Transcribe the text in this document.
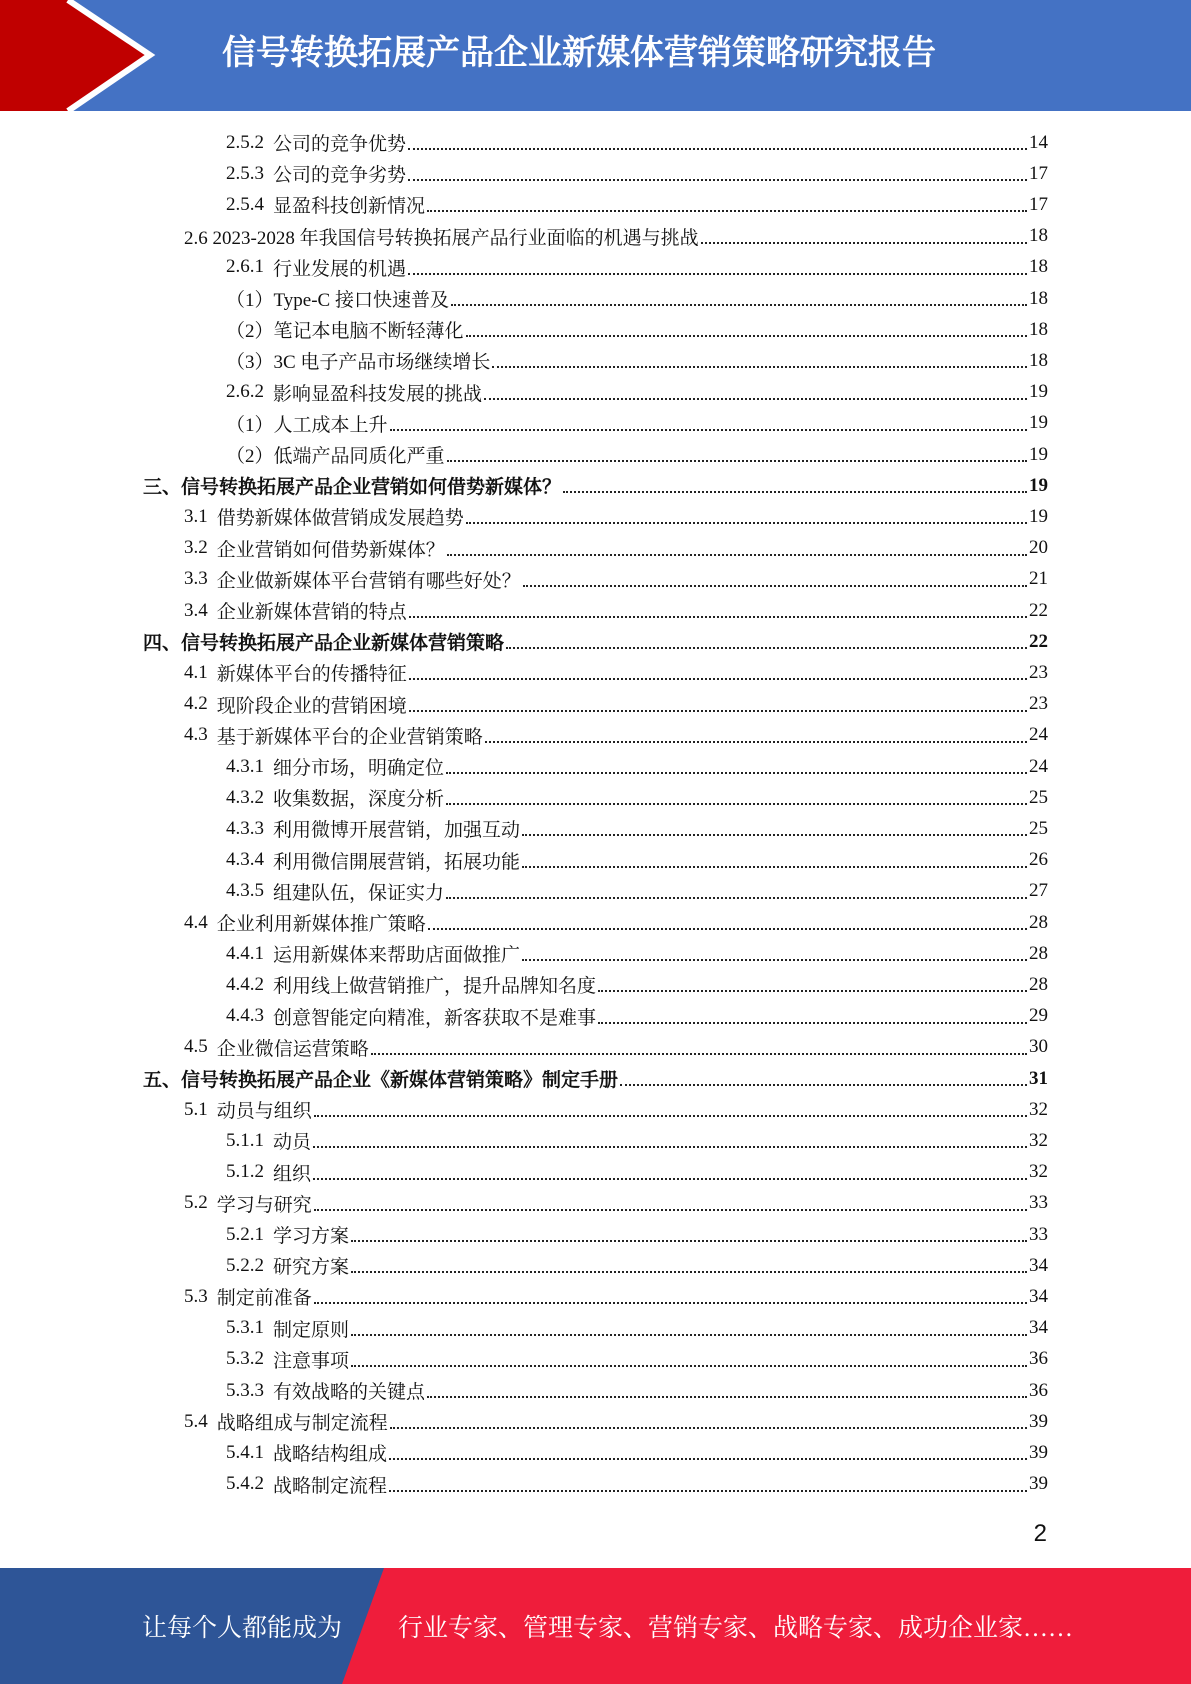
信号转换拓展产品企业新媒体营销策略研究报告
2.5.2 公司的竞争优势	14
2.5.3 公司的竞争劣势	17
2.5.4 显盈科技创新情况	17
2.6 2023-2028 年我国信号转换拓展产品行业面临的机遇与挑战	18
2.6.1 行业发展的机遇	18
（1）Type-C 接口快速普及	18
（2）笔记本电脑不断轻薄化	18
（3）3C 电子产品市场继续增长	18
2.6.2 影响显盈科技发展的挑战	19
（1）人工成本上升	19
（2）低端产品同质化严重	19
三、信号转换拓展产品企业营销如何借势新媒体？	19
3.1 借势新媒体做营销成发展趋势	19
3.2 企业营销如何借势新媒体？	20
3.3 企业做新媒体平台营销有哪些好处？	21
3.4 企业新媒体营销的特点	22
四、信号转换拓展产品企业新媒体营销策略	22
4.1 新媒体平台的传播特征	23
4.2 现阶段企业的营销困境	23
4.3 基于新媒体平台的企业营销策略	24
4.3.1 细分市场，明确定位	24
4.3.2 收集数据，深度分析	25
4.3.3 利用微博开展营销，加强互动	25
4.3.4 利用微信開展营销，拓展功能	26
4.3.5 组建队伍，保证实力	27
4.4 企业利用新媒体推广策略	28
4.4.1 运用新媒体来帮助店面做推广	28
4.4.2 利用线上做营销推广，提升品牌知名度	28
4.4.3 创意智能定向精准，新客获取不是难事	29
4.5 企业微信运营策略	30
五、信号转换拓展产品企业《新媒体营销策略》制定手册	31
5.1 动员与组织	32
5.1.1 动员	32
5.1.2 组织	32
5.2 学习与研究	33
5.2.1 学习方案	33
5.2.2 研究方案	34
5.3 制定前准备	34
5.3.1 制定原则	34
5.3.2 注意事项	36
5.3.3 有效战略的关键点	36
5.4 战略组成与制定流程	39
5.4.1 战略结构组成	39
5.4.2 战略制定流程	39
2
让每个人都能成为 行业专家、管理专家、营销专家、战略专家、成功企业家……
